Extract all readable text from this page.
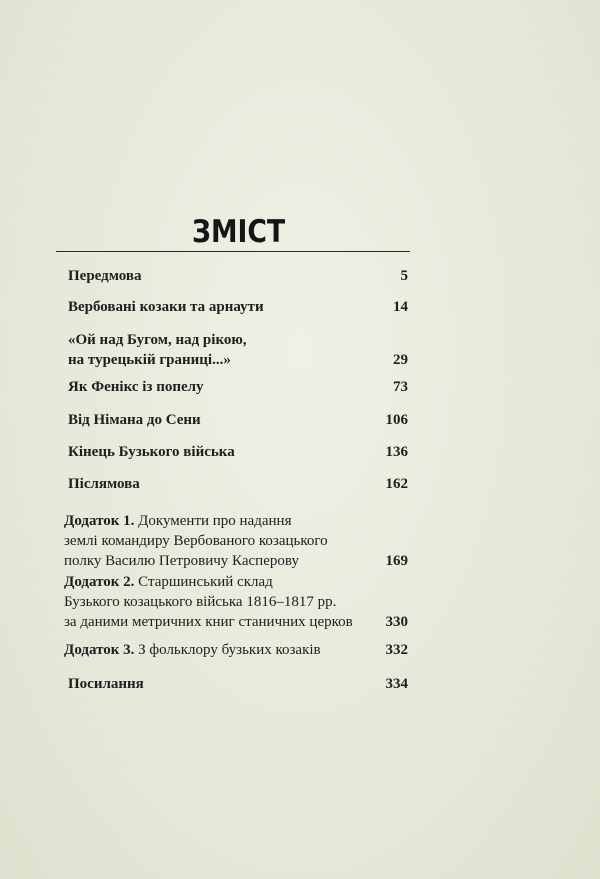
ЗМІСТ
Передмова	5
Вербовані козаки та арнаути	14
«Ой над Бугом, над рікою,
на турецькій границі...»	29
Як Фенікс із попелу	73
Від Німана до Сени	106
Кінець Бузького війська	136
Післямова	162
Додаток 1. Документи про надання
землі командиру Вербованого козацького
полку Василю Петровичу Касперову	169
Додаток 2. Старшинський склад
Бузького козацького війська 1816–1817 рр.
за даними метричних книг станичних церков	330
Додаток 3. З фольклору бузьких козаків	332
Посилання	334
